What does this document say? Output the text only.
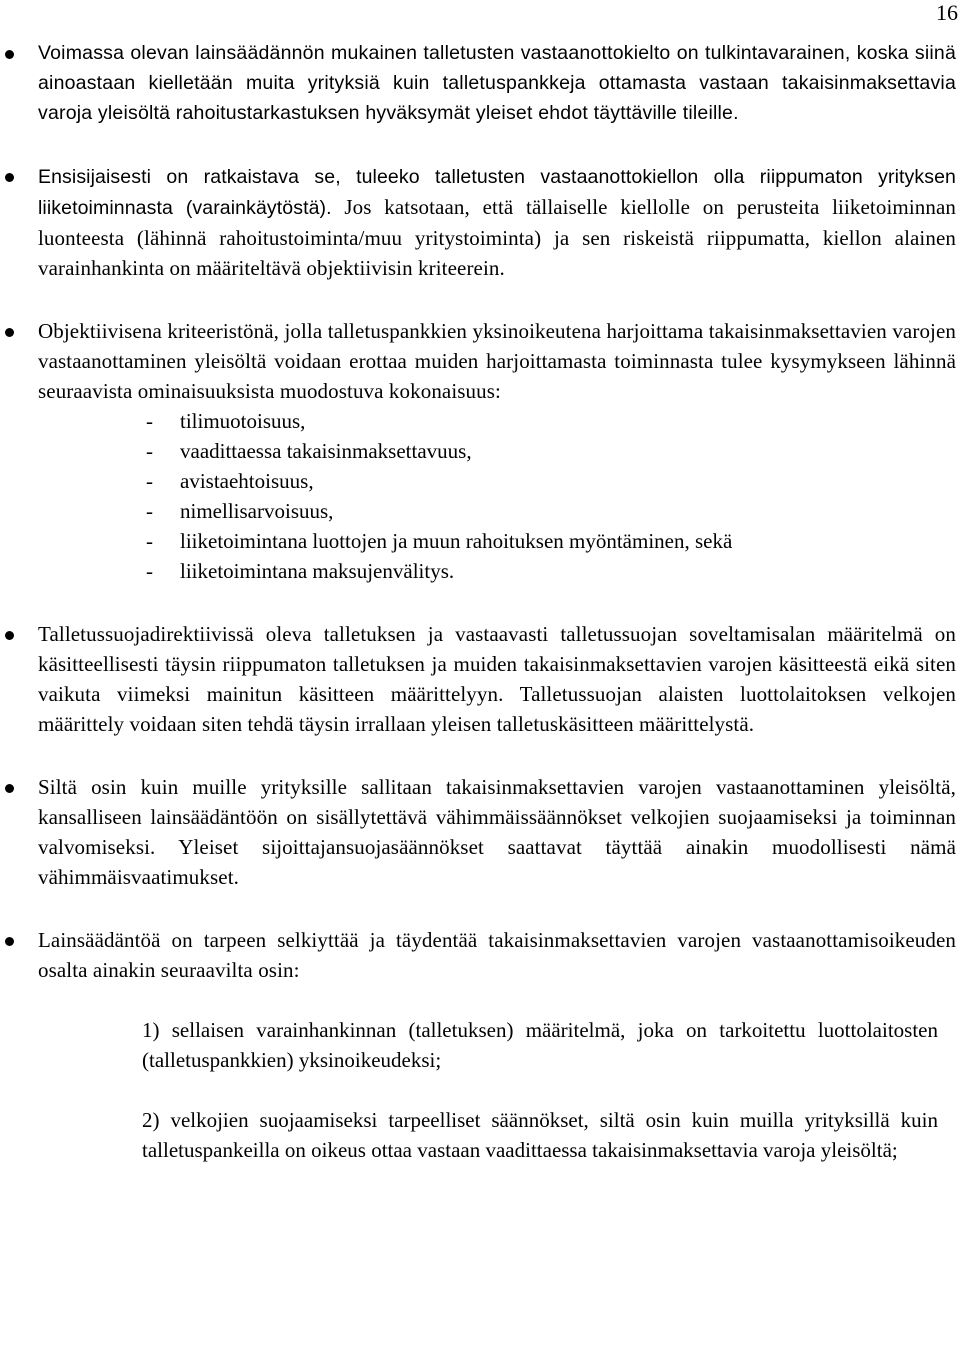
16
Voimassa olevan lainsäädännön mukainen talletusten vastaanottokielto on tulkintavarainen, koska siinä ainoastaan kielletään muita yrityksiä kuin talletuspankkeja ottamasta vastaan takaisinmaksettavia varoja yleisöltä rahoitustarkastuksen hyväksymät yleiset ehdot täyttäville tileille.
Ensisijaisesti on ratkaistava se, tuleeko talletusten vastaanottokiellon olla riippumaton yrityksen liiketoiminnasta (varainkäytöstä). Jos katsotaan, että tällaiselle kiellolle on perusteita liiketoiminnan luonteesta (lähinnä rahoitustoiminta/muu yritystoiminta) ja sen riskeistä riippumatta, kiellon alainen varainhankinta on määriteltävä objektiivisin kriteerein.
Objektiivisena kriteeristönä, jolla talletuspankkien yksinoikeutena harjoittama takaisinmaksettavien varojen vastaanottaminen yleisöltä voidaan erottaa muiden harjoittamasta toiminnasta tulee kysymykseen lähinnä seuraavista ominaisuuksista muodostuva kokonaisuus:
- tilimuotoisuus,
- vaadittaessa takaisinmaksettavuus,
- avistaehtoisuus,
- nimellisarvoisuus,
- liiketoimintana luottojen ja muun rahoituksen myöntäminen, sekä
- liiketoimintana maksujenvälitys.
Talletussuojadirektiivissä oleva talletuksen ja vastaavasti talletussuojan soveltamisalan määritelmä on käsitteellisesti täysin riippumaton talletuksen ja muiden takaisinmaksettavien varojen käsitteestä eikä siten vaikuta viimeksi mainitun käsitteen määrittelyyn. Talletussuojan alaisten luottolaitoksen velkojen määrittely voidaan siten tehdä täysin irrallaan yleisen talletuskäsitteen määrittelystä.
Siltä osin kuin muille yrityksille sallitaan takaisinmaksettavien varojen vastaanottaminen yleisöltä, kansalliseen lainsäädäntöön on sisällytettävä vähimmäissäännökset velkojien suojaamiseksi ja toiminnan valvomiseksi. Yleiset sijoittajansuojasäännökset saattavat täyttää ainakin muodollisesti nämä vähimmäisvaatimukset.
Lainsäädäntöä on tarpeen selkiyttää ja täydentää takaisinmaksettavien varojen vastaanottamisoikeuden osalta ainakin seuraavilta osin:
1) sellaisen varainhankinnan (talletuksen) määritelmä, joka on tarkoitettu luottolaitosten (talletuspankkien) yksinoikeudeksi;
2) velkojien suojaamiseksi tarpeelliset säännökset, siltä osin kuin muilla yrityksillä kuin talletuspankeilla on oikeus ottaa vastaan vaadittaessa takaisinmaksettavia varoja yleisöltä;
